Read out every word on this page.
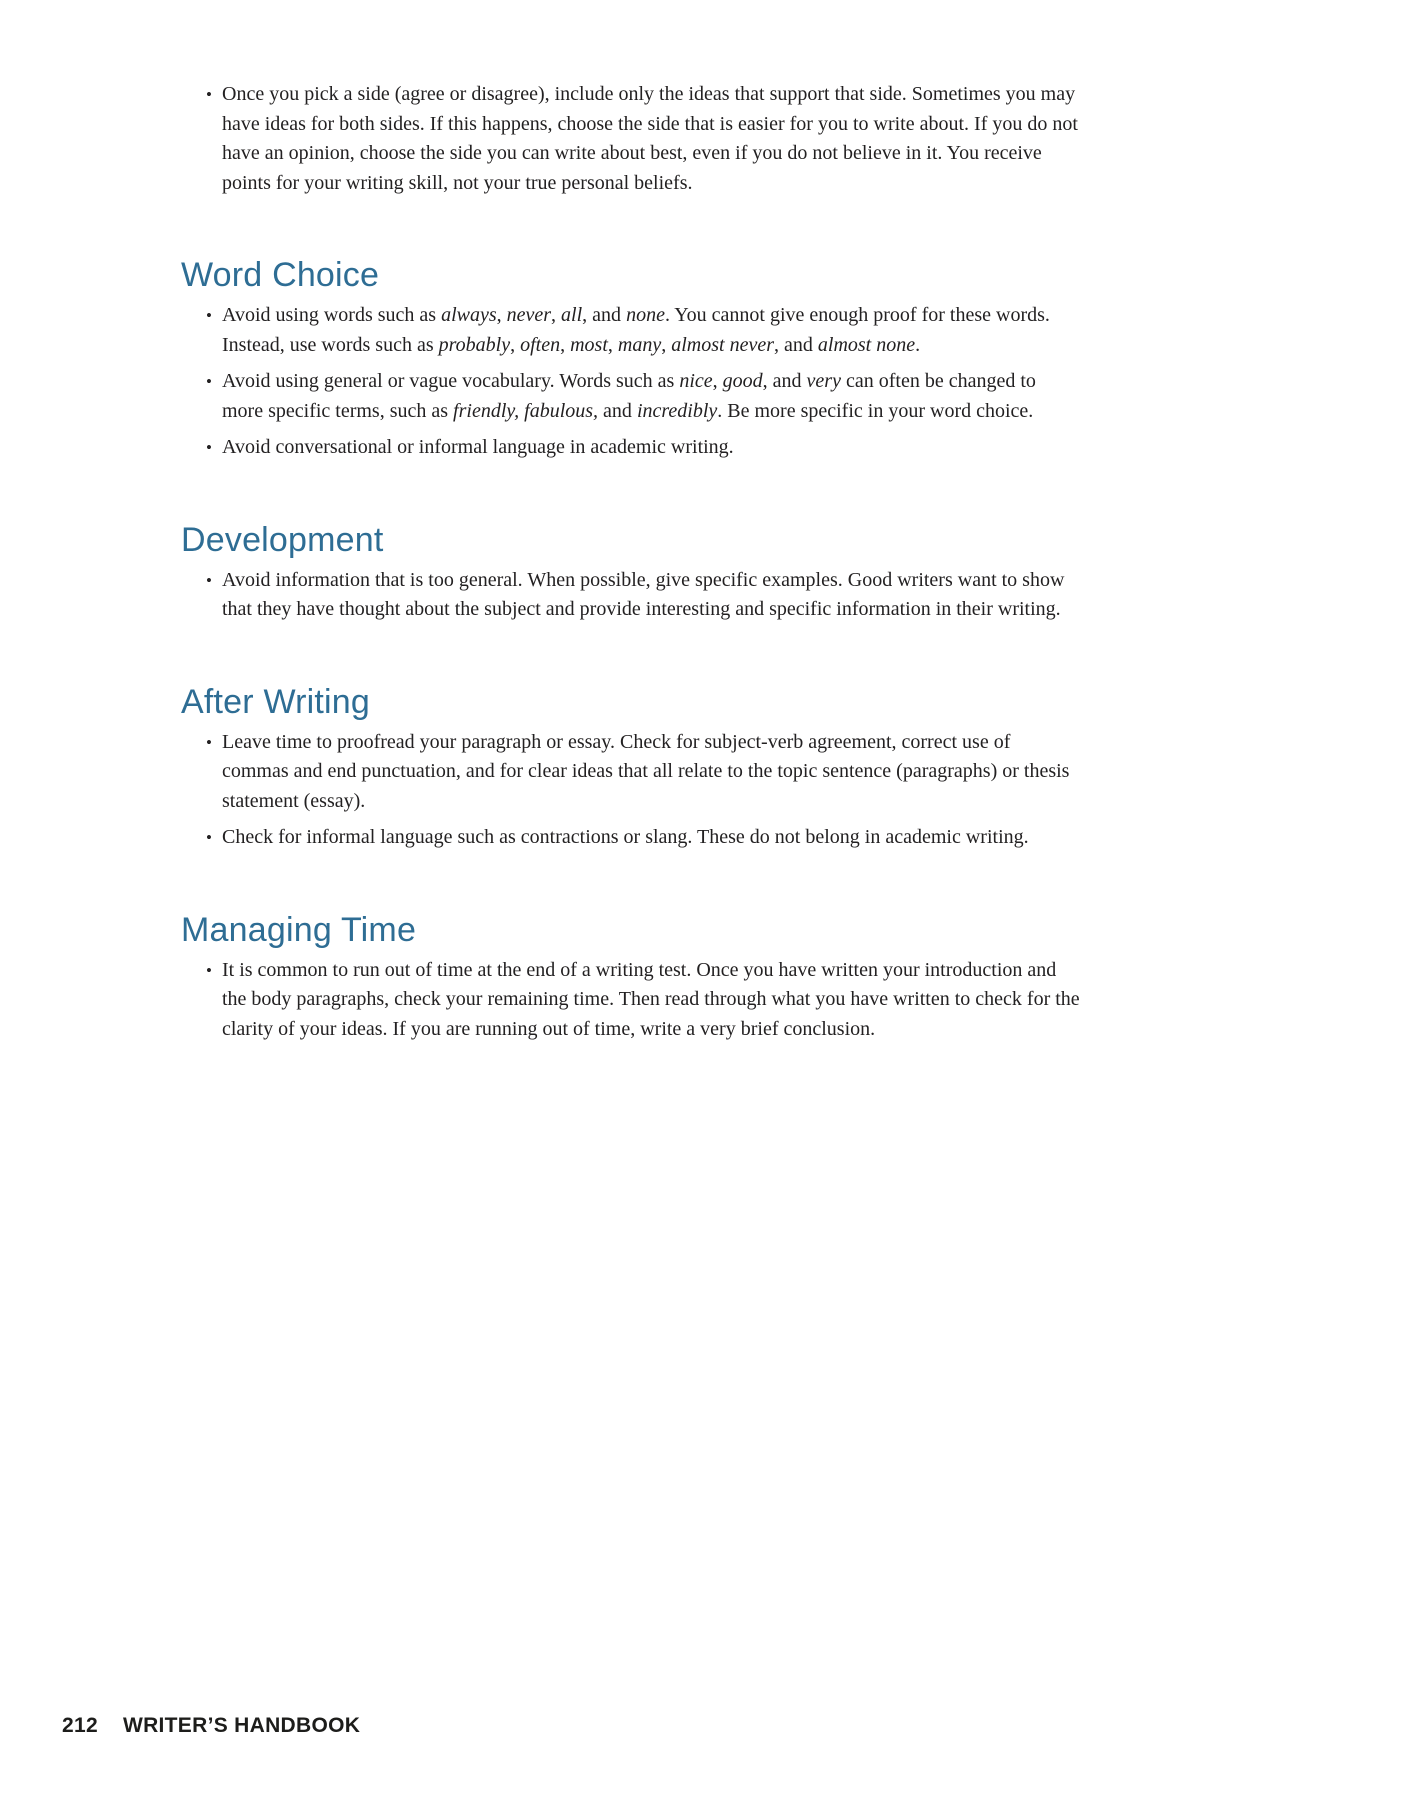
• Once you pick a side (agree or disagree), include only the ideas that support that side. Sometimes you may have ideas for both sides. If this happens, choose the side that is easier for you to write about. If you do not have an opinion, choose the side you can write about best, even if you do not believe in it. You receive points for your writing skill, not your true personal beliefs.
Word Choice
• Avoid using words such as always, never, all, and none. You cannot give enough proof for these words. Instead, use words such as probably, often, most, many, almost never, and almost none.
• Avoid using general or vague vocabulary. Words such as nice, good, and very can often be changed to more specific terms, such as friendly, fabulous, and incredibly. Be more specific in your word choice.
• Avoid conversational or informal language in academic writing.
Development
• Avoid information that is too general. When possible, give specific examples. Good writers want to show that they have thought about the subject and provide interesting and specific information in their writing.
After Writing
• Leave time to proofread your paragraph or essay. Check for subject-verb agreement, correct use of commas and end punctuation, and for clear ideas that all relate to the topic sentence (paragraphs) or thesis statement (essay).
• Check for informal language such as contractions or slang. These do not belong in academic writing.
Managing Time
• It is common to run out of time at the end of a writing test. Once you have written your introduction and the body paragraphs, check your remaining time. Then read through what you have written to check for the clarity of your ideas. If you are running out of time, write a very brief conclusion.
212 WRITER’S HANDBOOK
